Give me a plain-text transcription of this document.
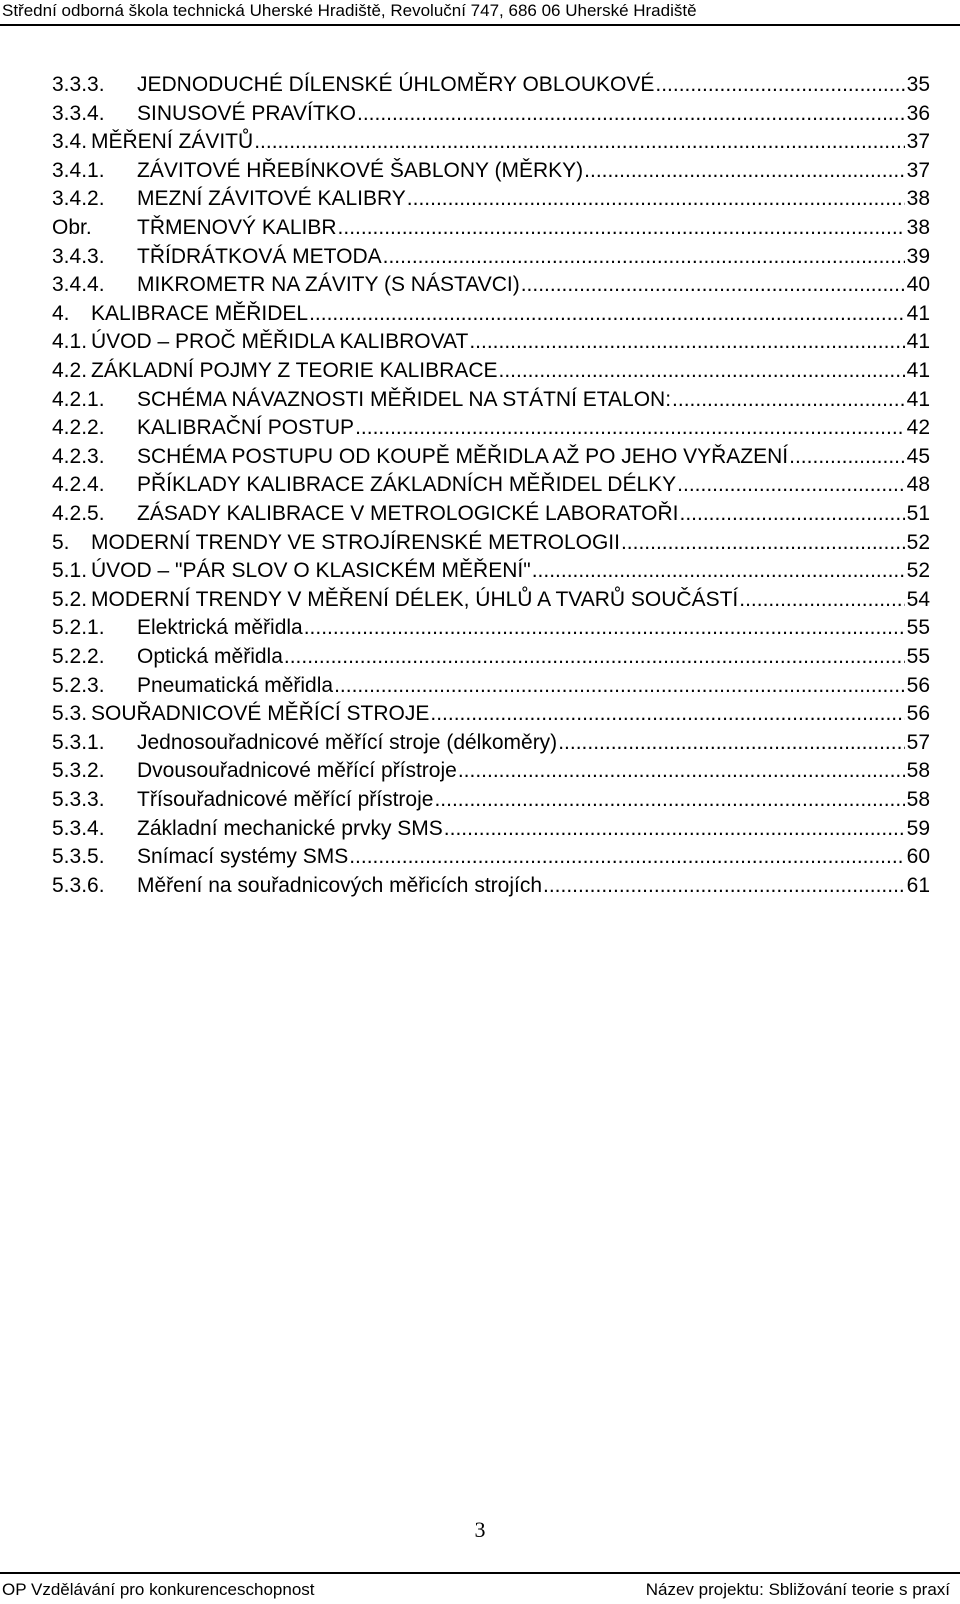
Střední odborná škola technická Uherské Hradiště, Revoluční 747, 686 06 Uherské Hradiště
3.3.3.	JEDNODUCHÉ DÍLENSKÉ ÚHLOMĚRY OBLOUKOVÉ .....	35
3.3.4.	SINUSOVÉ PRAVÍTKO .....	36
3.4. MĚŘENÍ ZÁVITŮ .....	37
3.4.1.	ZÁVITOVÉ HŘEBÍNKOVÉ ŠABLONY (MĚRKY) .....	37
3.4.2.	MEZNÍ ZÁVITOVÉ KALIBRY .....	38
Obr.	TŘMENOVÝ KALIBR .....	38
3.4.3.	TŘÍDRÁTKOVÁ METODA .....	39
3.4.4.	MIKROMETR NA ZÁVITY (S NÁSTAVCI) .....	40
4.	KALIBRACE MĚŘIDEL .....	41
4.1. ÚVOD – PROČ MĚŘIDLA KALIBROVAT .....	41
4.2. ZÁKLADNÍ POJMY Z TEORIE KALIBRACE .....	41
4.2.1.	SCHÉMA NÁVAZNOSTI MĚŘIDEL NA STÁTNÍ ETALON: .....	41
4.2.2.	KALIBRAČNÍ POSTUP .....	42
4.2.3.	SCHÉMA POSTUPU OD KOUPĚ MĚŘIDLA AŽ PO JEHO VYŘAZENÍ .....	45
4.2.4.	PŘÍKLADY KALIBRACE ZÁKLADNÍCH MĚŘIDEL DÉLKY .....	48
4.2.5.	ZÁSADY KALIBRACE V METROLOGICKÉ LABORATOŘI .....	51
5.	MODERNÍ TRENDY VE STROJÍRENSKÉ METROLOGII .....	52
5.1. ÚVOD – "PÁR SLOV O KLASICKÉM MĚŘENÍ" .....	52
5.2. MODERNÍ TRENDY V MĚŘENÍ DÉLEK, ÚHLŮ A TVARŮ SOUČÁSTÍ .....	54
5.2.1.	Elektrická měřidla .....	55
5.2.2.	Optická měřidla .....	55
5.2.3.	Pneumatická měřidla .....	56
5.3. SOUŘADNICOVÉ MĚŘÍCÍ STROJE .....	56
5.3.1.	Jednosouřadnicové měřící stroje (délkoměry) .....	57
5.3.2.	Dvousouřadnicové měřící přístroje .....	58
5.3.3.	Třísouřadnicové měřící přístroje .....	58
5.3.4.	Základní mechanické prvky SMS .....	59
5.3.5.	Snímací systémy SMS .....	60
5.3.6.	Měření na souřadnicových měřicích strojích .....	61
3
OP Vzdělávání pro konkurenceschopnost	Název projektu: Sbližování teorie s praxí
